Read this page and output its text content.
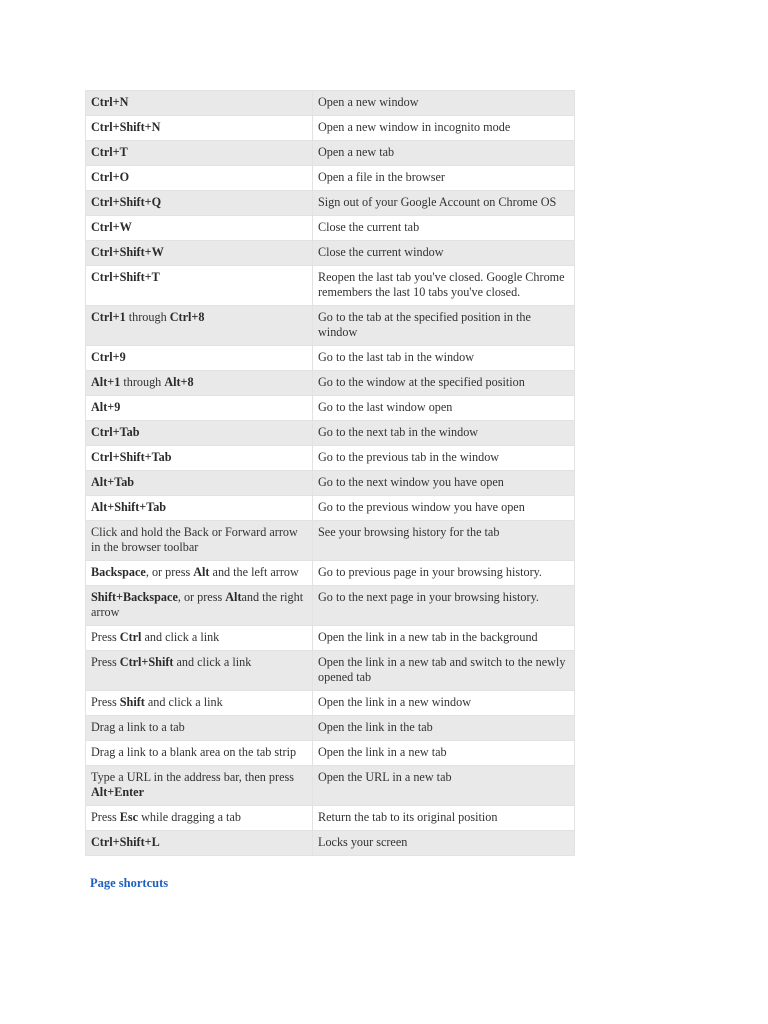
Ctrl+N	Open a new window
Ctrl+Shift+N	Open a new window in incognito mode
Ctrl+T	Open a new tab
Ctrl+O	Open a file in the browser
Ctrl+Shift+Q	Sign out of your Google Account on Chrome OS
Ctrl+W	Close the current tab
Ctrl+Shift+W	Close the current window
Ctrl+Shift+T	Reopen the last tab you've closed. Google Chrome remembers the last 10 tabs you've closed.
Ctrl+1 through Ctrl+8	Go to the tab at the specified position in the window
Ctrl+9	Go to the last tab in the window
Alt+1 through Alt+8	Go to the window at the specified position
Alt+9	Go to the last window open
Ctrl+Tab	Go to the next tab in the window
Ctrl+Shift+Tab	Go to the previous tab in the window
Alt+Tab	Go to the next window you have open
Alt+Shift+Tab	Go to the previous window you have open
Click and hold the Back or Forward arrow in the browser toolbar	See your browsing history for the tab
Backspace, or press Alt and the left arrow	Go to previous page in your browsing history.
Shift+Backspace, or press Altand the right arrow	Go to the next page in your browsing history.
Press Ctrl and click a link	Open the link in a new tab in the background
Press Ctrl+Shift and click a link	Open the link in a new tab and switch to the newly opened tab
Press Shift and click a link	Open the link in a new window
Drag a link to a tab	Open the link in the tab
Drag a link to a blank area on the tab strip	Open the link in a new tab
Type a URL in the address bar, then press Alt+Enter	Open the URL in a new tab
Press Esc while dragging a tab	Return the tab to its original position
Ctrl+Shift+L	Locks your screen
Page shortcuts
